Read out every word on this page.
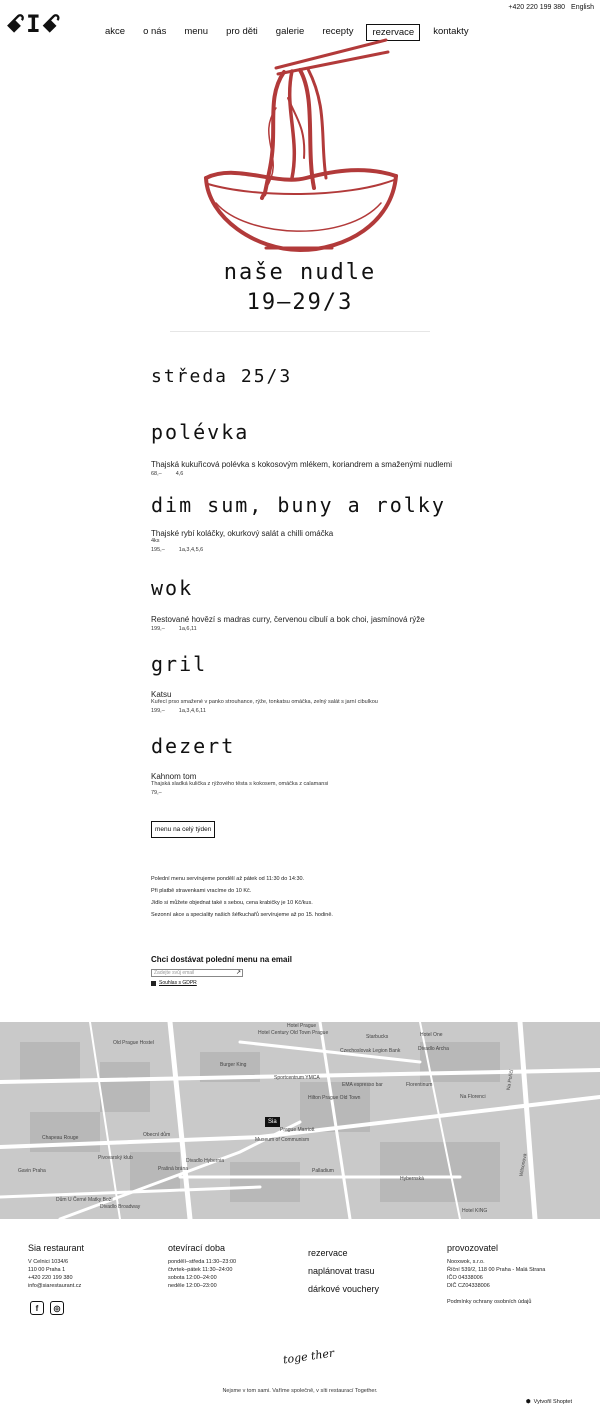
ꗃIꗃ
+420 220 199 380 English
akce	o nás	menu	pro děti	galerie	recepty	rezervace	kontakty
naše nudle
19–29/3
středa 25/3
polévka
Thajská kukuřicová polévka s kokosovým mlékem, koriandrem a smaženými nudlemi
68,–	4,6
dim sum, buny a rolky
Thajské rybí koláčky, okurkový salát a chilli omáčka
4ks
195,–	1a,3,4,5,6
wok
Restované hovězí s madras curry, červenou cibulí a bok choi, jasmínová rýže
199,–	1a,6,11
gril
Katsu
Kuřecí prso smažené v panko strouhance, rýže, tonkatsu omáčka, zelný salát s jarní cibulkou
199,–	1a,3,4,6,11
dezert
Kahnom tom
Thajská sladká kulička z rýžového těsta s kokosem, omáčka z calamansi
79,–
menu na celý týden
Polední menu servírujeme pondělí až pátek od 11:30 do 14:30.
Při platbě stravenkami vracíme do 10 Kč.
Jídlo si můžete objednat také s sebou, cena krabičky je 10 Kč/kus.
Sezonní akce a speciality našich šéfkuchařů servírujeme až po 15. hodině.
Chci dostávat polední menu na email
Zadejte svůj email	↗
Souhlas s GDPR
Hotel Prague
Hotel Century Old Town Prague
Starbucks	Hotel One
Czechoslovak Legion Bank	Divadlo Archa
Burger King
Old Prague Hostel
Sportcentrum YMCA
EMA espresso bar	Florentinum
Hilton Prague Old Town	Na Florenci
Prague Marriott
Museum of Communism
Obecní dům
Chapeau Rouge
Divadlo Hybernia
Prašná brána
Hybernská
Pivovarský klub
Divadlo Broadway
Dům U Černé Matky Boží
Gavin Praha	Palladium
Hotel KING
Na Poříčí
Wilsonova
Sia
Sia restaurant
V Celnici 1034/6
110 00 Praha 1
+420 220 199 380
info@siarestaurant.cz
f	◎
otevírací doba
pondělí–středa 11:30–23:00
čtvrtek–pátek 11:30–24:00
sobota 12:00–24:00
neděle 12:00–23:00
rezervace
naplánovat trasu
dárkové vouchery
provozovatel
Nooxwok, s.r.o.
Říční 539/2, 118 00 Praha - Malá Strana
IČO 04338006
DIČ CZ04338006
Podmínky ochrany osobních údajů
toge ther
Nejsme v tom sami. Vaříme společně, v síti restaurací Together.
⬢ Vytvořil Shoptet
